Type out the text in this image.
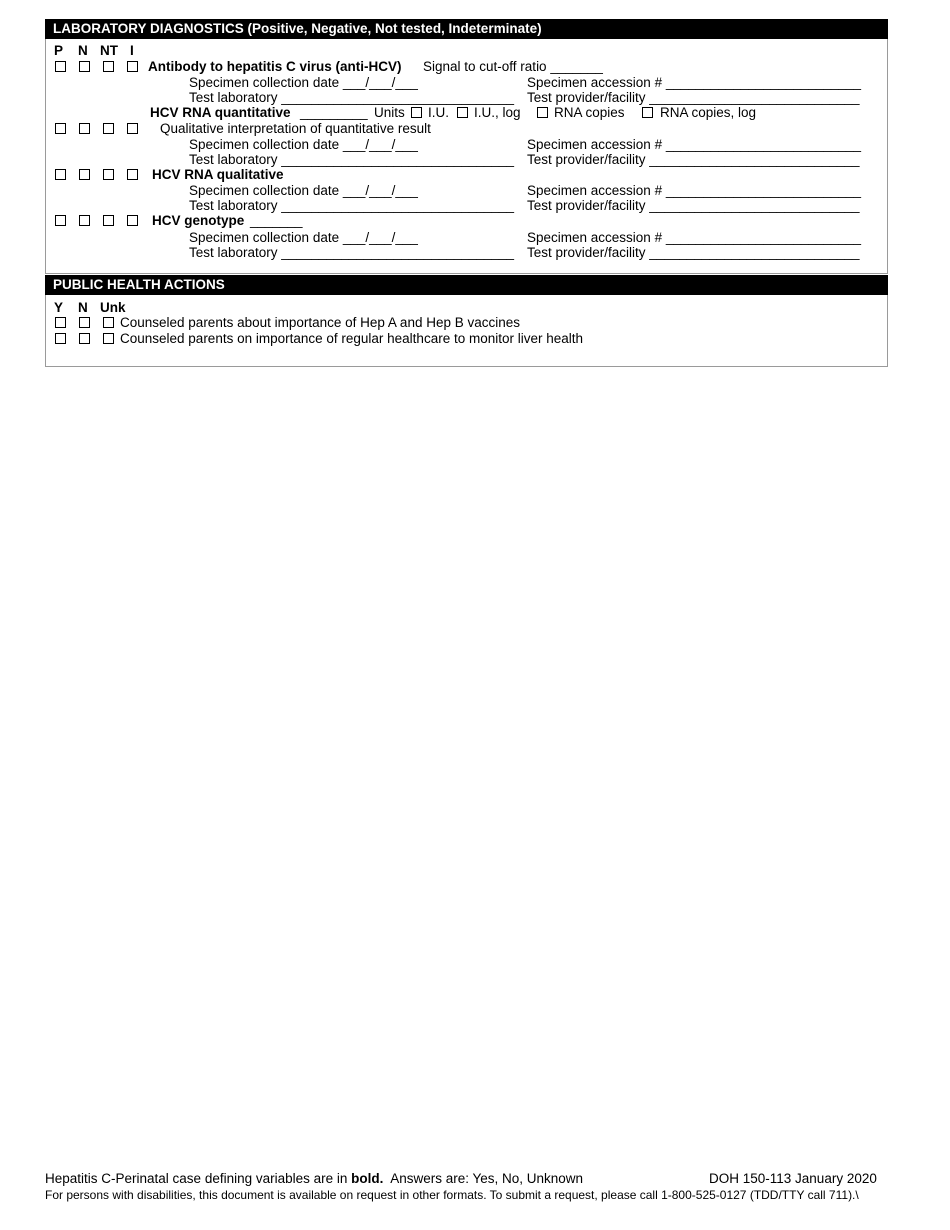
LABORATORY DIAGNOSTICS (Positive, Negative, Not tested, Indeterminate)
P N NT I
Antibody to hepatitis C virus (anti-HCV) Signal to cut-off ratio _______
Specimen collection date ___/___/___	Specimen accession # __________________________
Test laboratory _______________________________ Test provider/facility ____________________________
HCV RNA quantitative _________ Units I.U. I.U., log RNA copies	RNA copies, log
Qualitative interpretation of quantitative result
Specimen collection date ___/___/___	Specimen accession # __________________________
Test laboratory _______________________________ Test provider/facility ____________________________
HCV RNA qualitative
Specimen collection date ___/___/___	Specimen accession # __________________________
Test laboratory _______________________________ Test provider/facility ____________________________
HCV genotype _______
Specimen collection date ___/___/___	Specimen accession # __________________________
Test laboratory _______________________________ Test provider/facility ____________________________
PUBLIC HEALTH ACTIONS
Y N Unk
Counseled parents about importance of Hep A and Hep B vaccines
Counseled parents on importance of regular healthcare to monitor liver health
Hepatitis C-Perinatal case defining variables are in bold. Answers are: Yes, No, Unknown	DOH 150-113 January 2020
For persons with disabilities, this document is available on request in other formats. To submit a request, please call 1-800-525-0127 (TDD/TTY call 711).\
